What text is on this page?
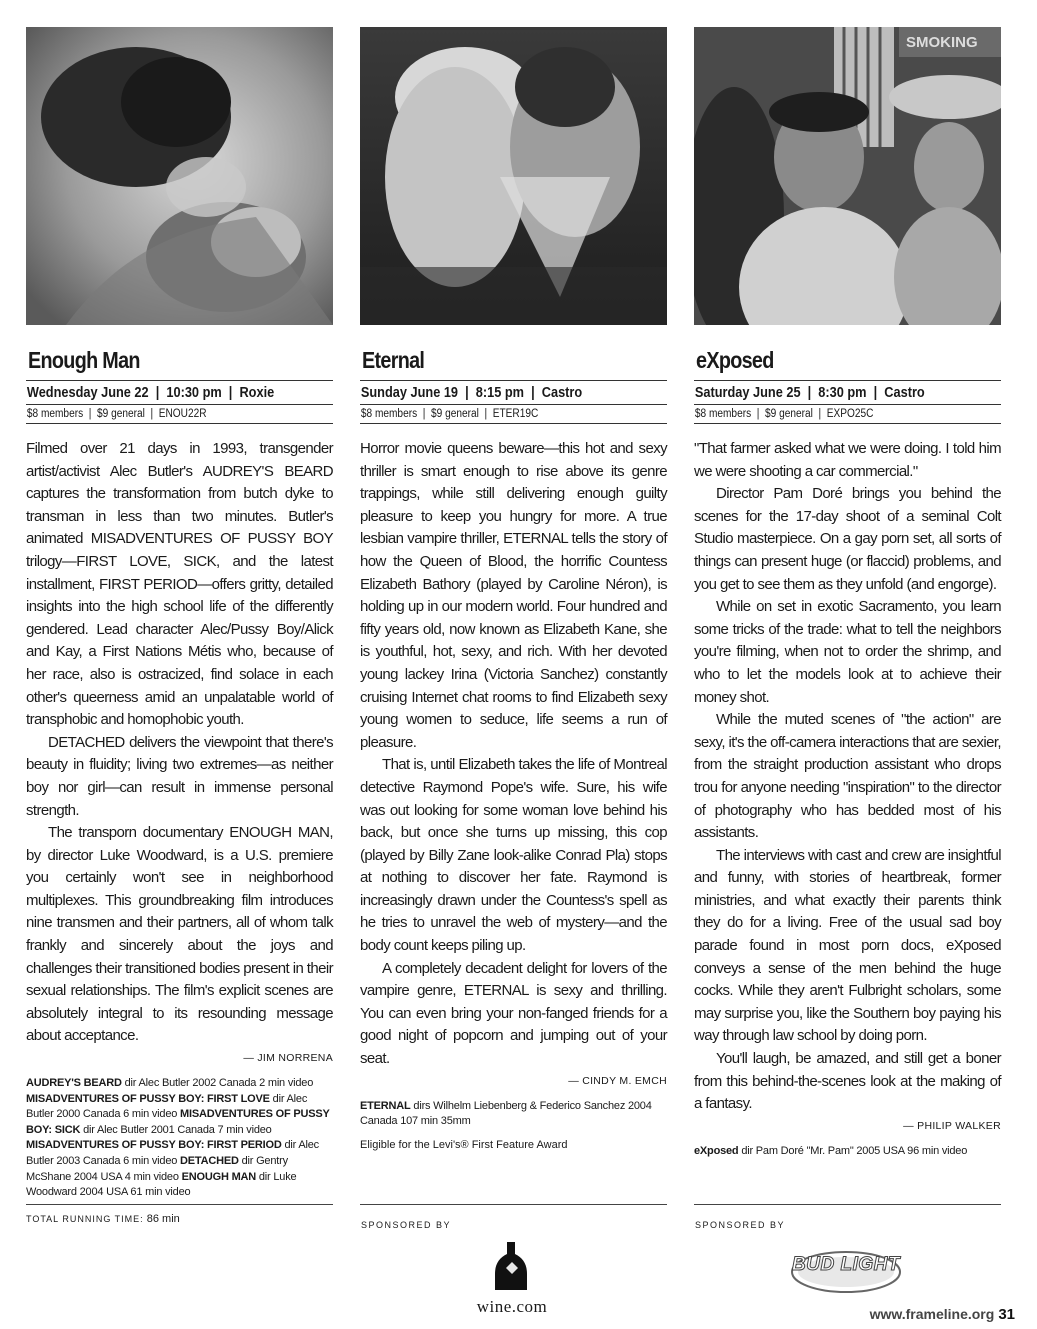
Enough Man
Wednesday June 22  |  10:30 pm  |  Roxie
$8 members  |  $9 general  |  ENOU22R

Filmed over 21 days in 1993, transgender artist/activist Alec Butler's AUDREY'S BEARD captures the transformation from butch dyke to transman in less than two minutes. Butler's animated MISADVENTURES OF PUSSY BOY trilogy—FIRST LOVE, SICK, and the latest installment, FIRST PERIOD—offers gritty, detailed insights into the high school life of the differently gendered. Lead character Alec/Pussy Boy/Alick and Kay, a First Nations Métis who, because of her race, also is ostracized, find solace in each other's queerness amid an unpalatable world of transphobic and homophobic youth.

DETACHED delivers the viewpoint that there's beauty in fluidity; living two extremes—as neither boy nor girl—can result in immense personal strength.

The transporn documentary ENOUGH MAN, by director Luke Woodward, is a U.S. premiere you certainly won't see in neighborhood multiplexes. This groundbreaking film introduces nine transmen and their partners, all of whom talk frankly and sincerely about the joys and challenges their transitioned bodies present in their sexual relationships. The film's explicit scenes are absolutely integral to its resounding message about acceptance.

— JIM NORRENA
AUDREY'S BEARD dir Alec Butler 2002 Canada 2 min video MISADVENTURES OF PUSSY BOY: FIRST LOVE dir Alec Butler 2000 Canada 6 min video MISADVENTURES OF PUSSY BOY: SICK dir Alec Butler 2001 Canada 7 min video MISADVENTURES OF PUSSY BOY: FIRST PERIOD dir Alec Butler 2003 Canada 6 min video DETACHED dir Gentry McShane 2004 USA 4 min video ENOUGH MAN dir Luke Woodward 2004 USA 61 min video
TOTAL RUNNING TIME: 86 min
Eternal
Sunday June 19  |  8:15 pm  |  Castro
$8 members  |  $9 general  |  ETER19C

Horror movie queens beware—this hot and sexy thriller is smart enough to rise above its genre trappings, while still delivering enough guilty pleasure to keep you hungry for more. A true lesbian vampire thriller, ETERNAL tells the story of how the Queen of Blood, the horrific Countess Elizabeth Bathory (played by Caroline Néron), is holding up in our modern world. Four hundred and fifty years old, now known as Elizabeth Kane, she is youthful, hot, sexy, and rich. With her devoted young lackey Irina (Victoria Sanchez) constantly cruising Internet chat rooms to find Elizabeth sexy young women to seduce, life seems a run of pleasure.

That is, until Elizabeth takes the life of Montreal detective Raymond Pope's wife. Sure, his wife was out looking for some woman love behind his back, but once she turns up missing, this cop (played by Billy Zane look-alike Conrad Pla) stops at nothing to discover her fate. Raymond is increasingly drawn under the Countess's spell as he tries to unravel the web of mystery—and the body count keeps piling up.

A completely decadent delight for lovers of the vampire genre, ETERNAL is sexy and thrilling. You can even bring your non-fanged friends for a good night of popcorn and jumping out of your seat.

— CINDY M. EMCH
ETERNAL dirs Wilhelm Liebenberg & Federico Sanchez 2004 Canada 107 min 35mm
Eligible for the Levi's® First Feature Award
SMOKING
eXposed
Saturday June 25  |  8:30 pm  |  Castro
$8 members  |  $9 general  |  EXPO25C

"That farmer asked what we were doing. I told him we were shooting a car commercial."

Director Pam Doré brings you behind the scenes for the 17-day shoot of a seminal Colt Studio masterpiece. On a gay porn set, all sorts of things can present huge (or flaccid) problems, and you get to see them as they unfold (and engorge).

While on set in exotic Sacramento, you learn some tricks of the trade: what to tell the neighbors you're filming, when not to order the shrimp, and who to let the models look at to achieve their money shot.

While the muted scenes of "the action" are sexy, it's the off-camera interactions that are sexier, from the straight production assistant who drops trou for anyone needing "inspiration" to the director of photography who has bedded most of his assistants.

The interviews with cast and crew are insightful and funny, with stories of heartbreak, former ministries, and what exactly their parents think they do for a living. Free of the usual sad boy parade found in most porn docs, eXposed conveys a sense of the men behind the huge cocks. While they aren't Fulbright scholars, some may surprise you, like the Southern boy paying his way through law school by doing porn.

You'll laugh, be amazed, and still get a boner from this behind-the-scenes look at the making of a fantasy.

— PHILIP WALKER
eXposed dir Pam Doré "Mr. Pam" 2005 USA 96 min video
SPONSORED BY
wine.com
SPONSORED BY
BUD LIGHT
www.frameline.org 31
